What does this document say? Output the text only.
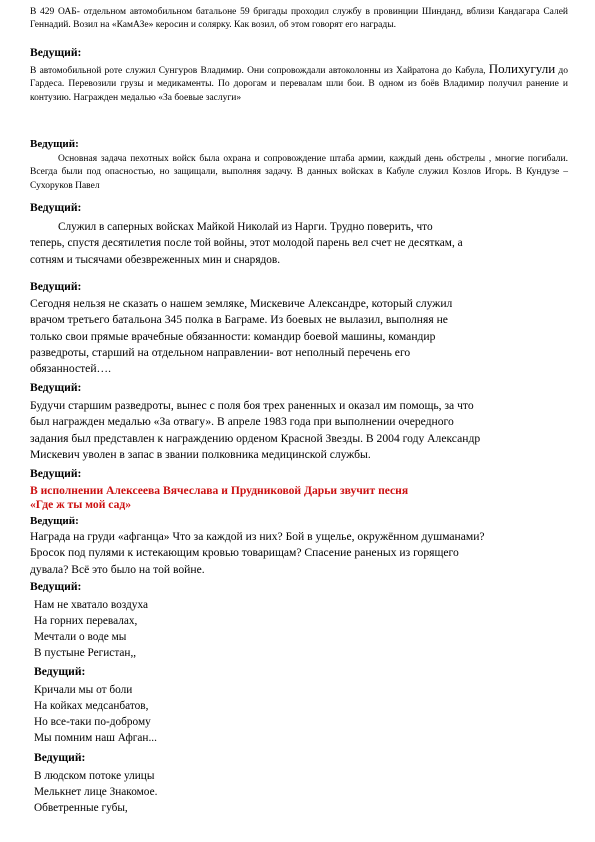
В 429 ОАБ- отдельном автомобильном батальоне 59 бригады проходил службу в провинции Шинданд, вблизи Кандагара Салей Геннадий. Возил на «КамАЗе» керосин и солярку. Как возил, об этом говорят его награды.

Ведущий:

В автомобильной роте служил Сунгуров Владимир. Они сопровождали автоколонны из Хайратона до Кабула, Полихугули до Гардеса. Перевозили грузы и медикаменты. По дорогам и перевалам шли бои. В одном из боёв Владимир получил ранение и контузию. Награжден медалью «За боевые заслуги»

Ведущий:

Основная задача пехотных войск была охрана и сопровождение штаба армии, каждый день обстрелы , многие погибали. Всегда были под опасностью, но защищали, выполняя задачу. В данных войсках в Кабуле служил Козлов Игорь. В Кундузе – Сухоруков Павел

Ведущий:
Служил в саперных войсках Майкой Николай из Нарги. Трудно поверить, что
теперь, спустя десятилетия после той войны, этот молодой парень вел счет не десяткам, а
сотням и тысячами обезвреженных мин и снарядов.
Ведущий:
Сегодня нельзя не сказать о нашем земляке, Мискевиче Александре, который служил
врачом третьего батальона 345 полка в Баграме. Из боевых не вылазил, выполняя не
только свои прямые врачебные обязанности: командир боевой машины, командир
разведроты, старший на отдельном направлении- вот неполный перечень его
обязанностей….
Ведущий:
Будучи старшим разведроты, вынес с поля боя трех раненных и оказал им помощь, за что
был награжден медалью «За отвагу». В апреле 1983 года при выполнении очередного
задания был представлен к награждению орденом Красной Звезды. В 2004 году Александр
Мискевич уволен в запас в звании полковника медицинской службы.
Ведущий:
В исполнении Алексеева Вячеслава и Прудниковой Дарьи звучит песня
«Где ж ты мой сад»
Ведущий:
Награда на груди «афганца» Что за каждой из них? Бой в ущелье, окружённом душманами?
Бросок под пулями к истекающим кровью товарищам? Спасение раненых из горящего
дувала? Всё это было на той войне.
Ведущий:
Нам не хватало воздуха
На горних перевалах,
Мечтали о воде мы
В пустыне Регистан,,
Ведущий:
Кричали мы от боли
На койках медсанбатов,
Но все-таки по-доброму
Мы помним наш Афган...
Ведущий:
В людском потоке улицы
Мелькнет лице Знакомое.
Обветренные губы,
